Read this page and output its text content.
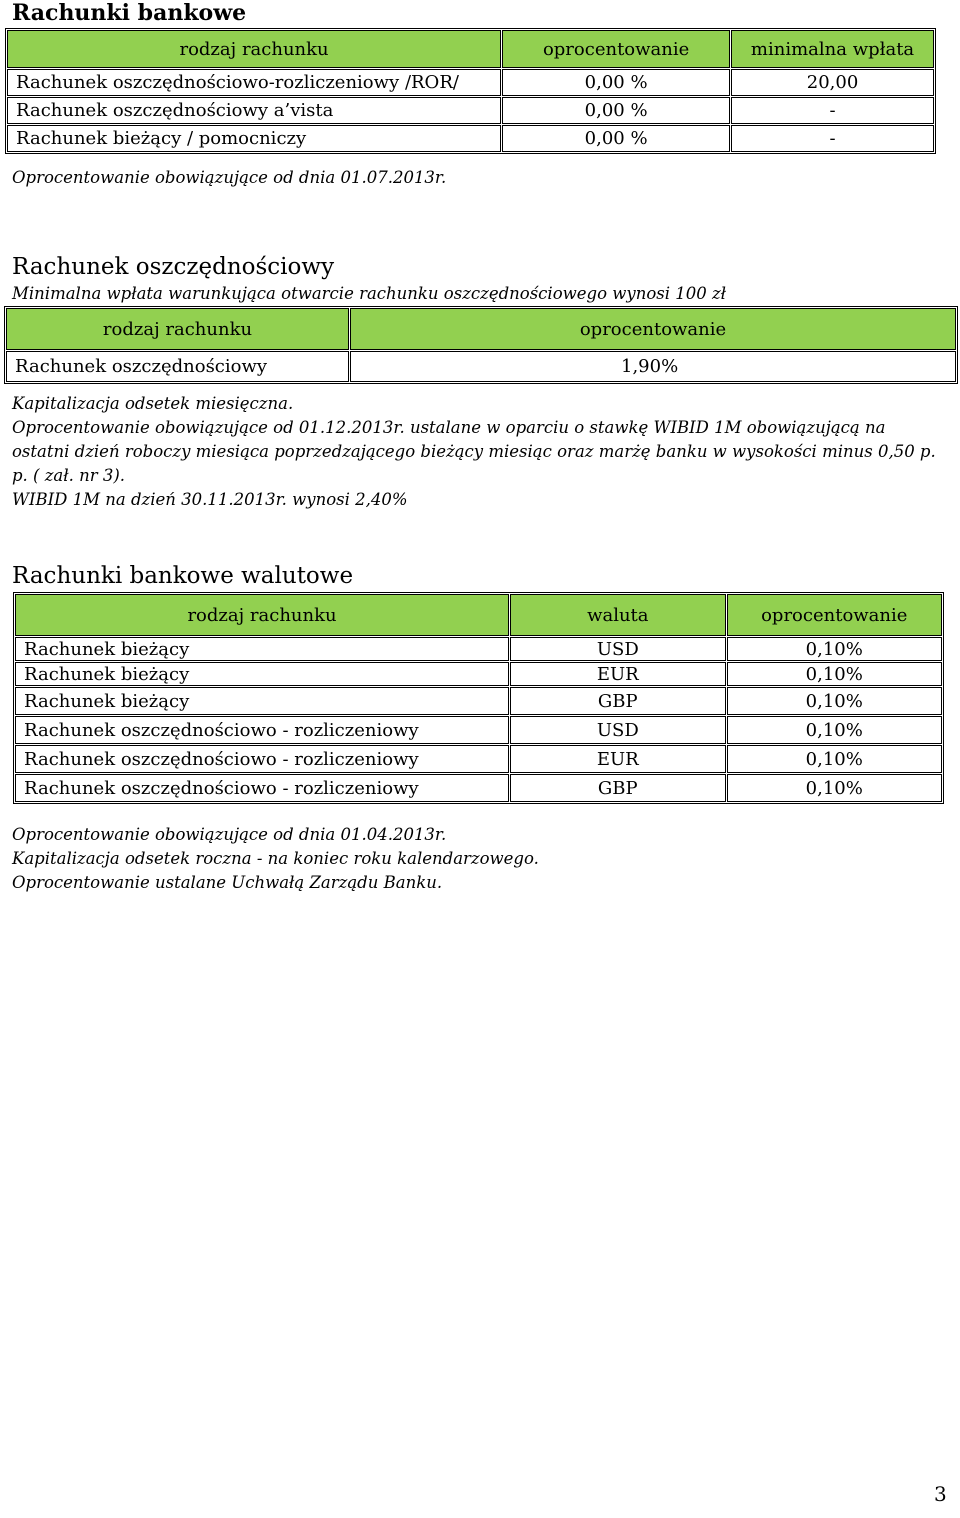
Rachunki bankowe
rodzaj rachunku	oprocentowanie	minimalna wpłata
Rachunek oszczędnościowo-rozliczeniowy /ROR/	0,00 %	20,00
Rachunek oszczędnościowy a’vista	0,00 %	-
Rachunek bieżący / pomocniczy	0,00 %	-
Oprocentowanie obowiązujące od dnia 01.07.2013r.
Rachunek oszczędnościowy
Minimalna wpłata warunkująca otwarcie rachunku oszczędnościowego wynosi 100 zł
rodzaj rachunku	oprocentowanie
Rachunek oszczędnościowy	1,90%
Kapitalizacja odsetek miesięczna.
Oprocentowanie obowiązujące od 01.12.2013r. ustalane w oparciu o stawkę WIBID 1M obowiązującą na ostatni dzień roboczy miesiąca poprzedzającego bieżący miesiąc oraz marżę banku w wysokości minus 0,50 p. p. ( zał. nr 3).
WIBID 1M na dzień 30.11.2013r. wynosi 2,40%
Rachunki bankowe walutowe
rodzaj rachunku	waluta	oprocentowanie
Rachunek bieżący	USD	0,10%
Rachunek bieżący	EUR	0,10%
Rachunek bieżący	GBP	0,10%
Rachunek oszczędnościowo - rozliczeniowy	USD	0,10%
Rachunek oszczędnościowo - rozliczeniowy	EUR	0,10%
Rachunek oszczędnościowo - rozliczeniowy	GBP	0,10%
Oprocentowanie obowiązujące od dnia 01.04.2013r.
Kapitalizacja odsetek roczna - na koniec roku kalendarzowego.
Oprocentowanie ustalane Uchwałą Zarządu Banku.
3
